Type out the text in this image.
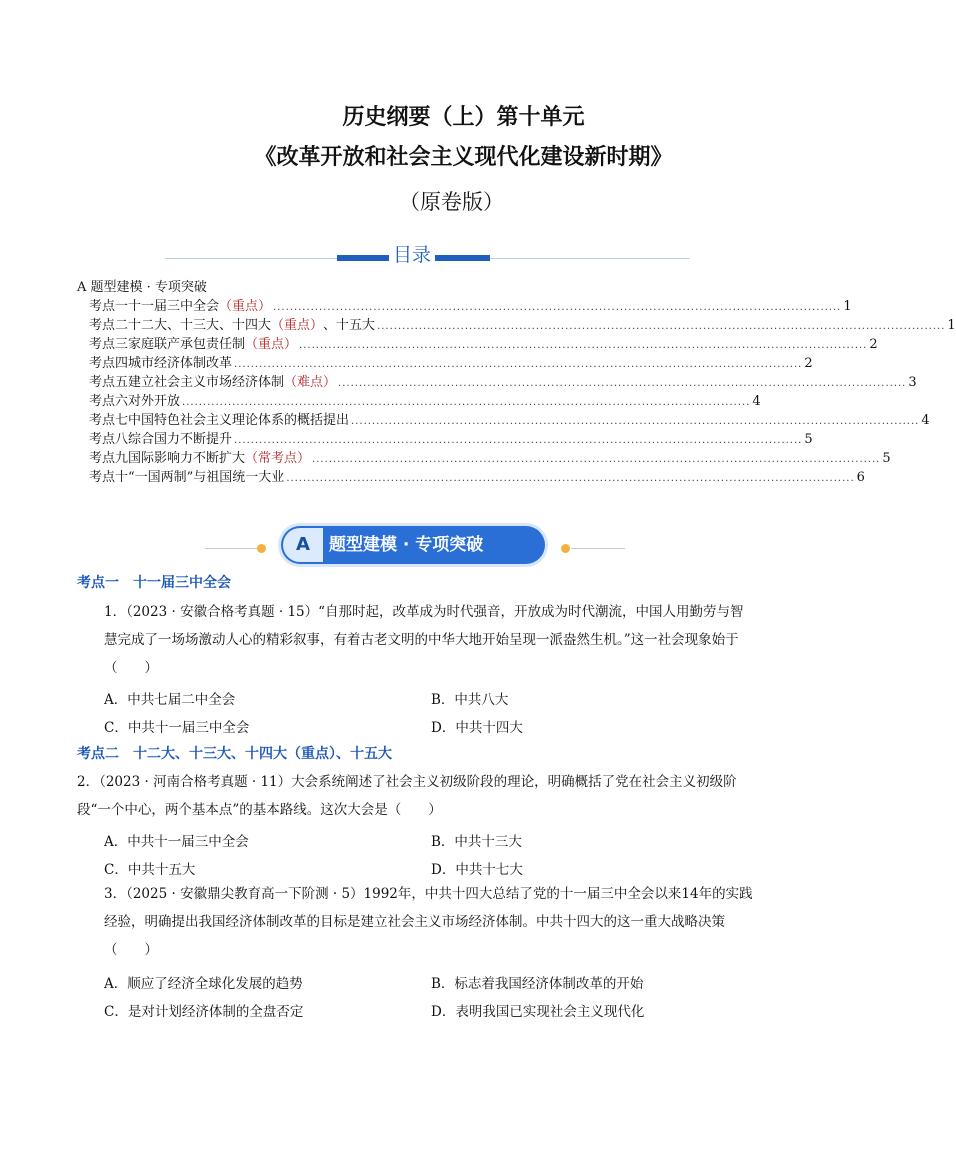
历史纲要（上）第十单元
《改革开放和社会主义现代化建设新时期》
（原卷版）
目录
A 题型建模 · 专项突破
考点一 十一届三中全会 （重点） ........................................................................................................................................ 1
考点二 十二大、十三大、十四大 （重点） 、十五大 ........................................................................................................................................ 1
考点三 家庭联产承包责任制 （重点） ........................................................................................................................................ 2
考点四 城市经济体制改革 ........................................................................................................................................ 2
考点五 建立社会主义市场经济体制 （难点） ........................................................................................................................................ 3
考点六 对外开放 ........................................................................................................................................ 4
考点七 中国特色社会主义理论体系的概括提出 ........................................................................................................................................ 4
考点八 综合国力不断提升 ........................................................................................................................................ 5
考点九 国际影响力不断扩大 （常考点） ........................................................................................................................................ 5
考点十 “一国两制”与祖国统一大业 ........................................................................................................................................ 6
A	题型建模 · 专项突破
考点一　十一届三中全会
1．（2023 · 安徽合格考真题 · 15）“自那时起，改革成为时代强音，开放成为时代潮流，中国人用勤劳与智慧完成了一场场激动人心的精彩叙事，有着古老文明的中华大地开始呈现一派盎然生机。”这一社会现象始于（　　）
A．中共七届二中全会	B．中共八大
C．中共十一届三中全会	D．中共十四大
考点二　十二大、十三大、十四大（重点）、十五大
2．（2023 · 河南合格考真题 · 11）大会系统阐述了社会主义初级阶段的理论，明确概括了党在社会主义初级阶段“一个中心，两个基本点”的基本路线。这次大会是（　　）
A．中共十一届三中全会	B．中共十三大
C．中共十五大	D．中共十七大
3．（2025 · 安徽鼎尖教育高一下阶测 · 5）1992年，中共十四大总结了党的十一届三中全会以来14年的实践经验，明确提出我国经济体制改革的目标是建立社会主义市场经济体制。中共十四大的这一重大战略决策（　　）
A．顺应了经济全球化发展的趋势	B．标志着我国经济体制改革的开始
C．是对计划经济体制的全盘否定	D．表明我国已实现社会主义现代化
